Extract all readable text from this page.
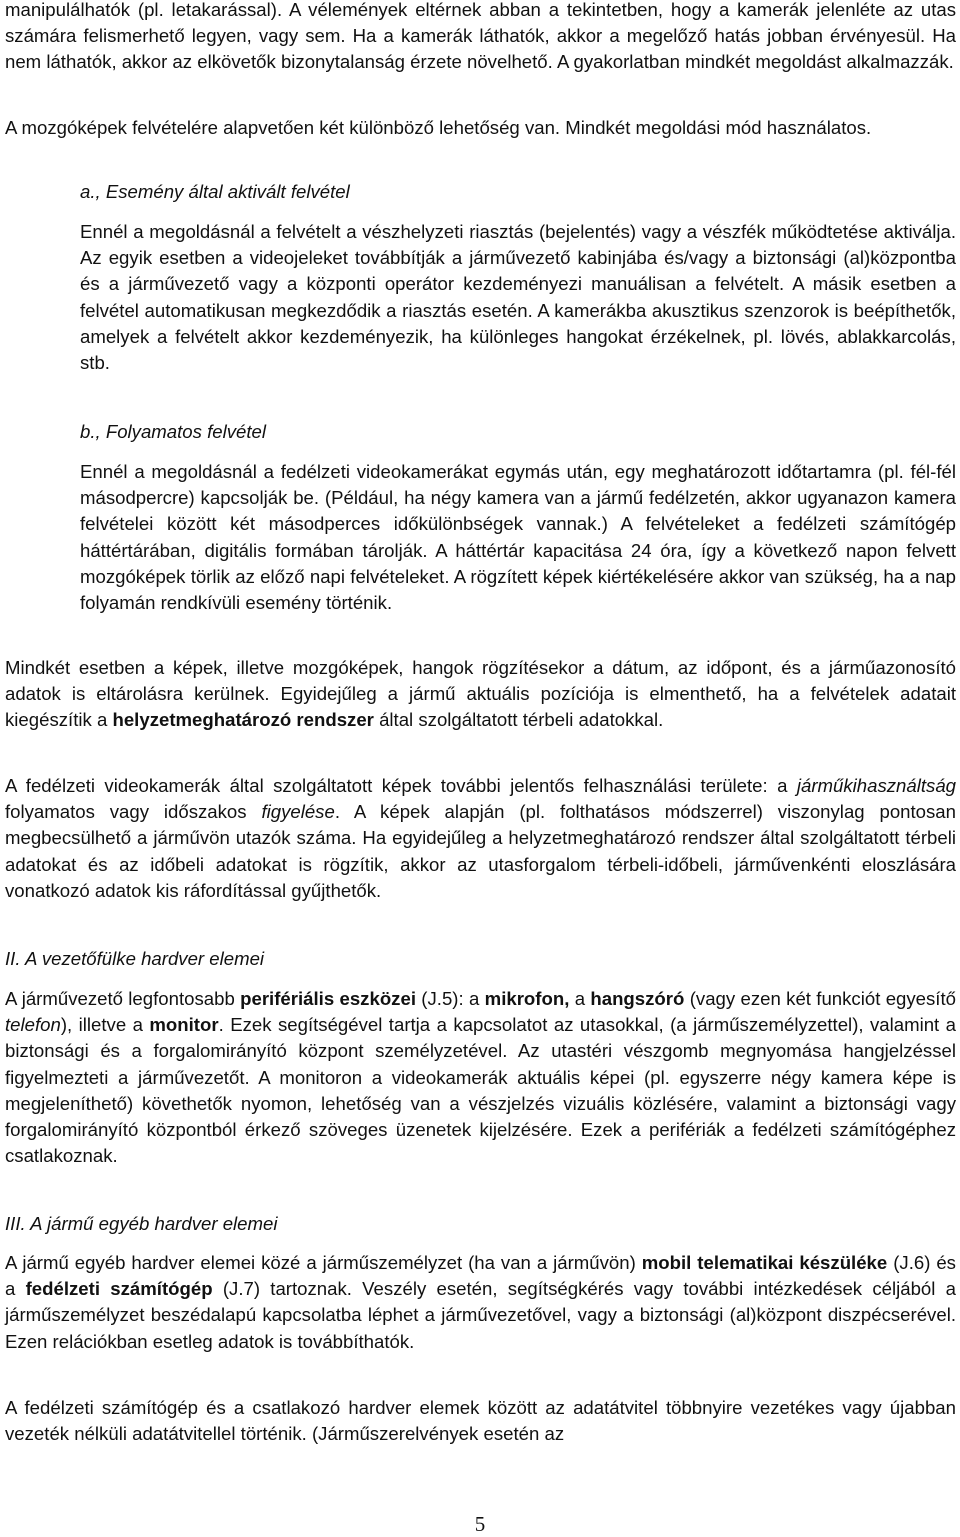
manipulálhatók (pl. letakarással). A vélemények eltérnek abban a tekintetben, hogy a kamerák jelenléte az utas számára felismerhető legyen, vagy sem. Ha a kamerák láthatók, akkor a megelőző hatás jobban érvényesül. Ha nem láthatók, akkor az elkövetők bizonytalanság érzete növelhető. A gyakorlatban mindkét megoldást alkalmazzák.

A mozgóképek felvételére alapvetően két különböző lehetőség van. Mindkét megoldási mód használatos.

a., Esemény által aktivált felvétel

Ennél a megoldásnál a felvételt a vészhelyzeti riasztás (bejelentés) vagy a vészfék működtetése aktiválja. Az egyik esetben a videojeleket továbbítják a járművezető kabinjába és/vagy a biztonsági (al)központba és a járművezető vagy a központi operátor kezdeményezi manuálisan a felvételt. A másik esetben a felvétel automatikusan megkezdődik a riasztás esetén. A kamerákba akusztikus szenzorok is beépíthetők, amelyek a felvételt akkor kezdeményezik, ha különleges hangokat érzékelnek, pl. lövés, ablakkarcolás, stb.

b., Folyamatos felvétel

Ennél a megoldásnál a fedélzeti videokamerákat egymás után, egy meghatározott időtartamra (pl. fél-fél másodpercre) kapcsolják be. (Például, ha négy kamera van a jármű fedélzetén, akkor ugyanazon kamera felvételei között két másodperces időkülönbségek vannak.) A felvételeket a fedélzeti számítógép háttértárában, digitális formában tárolják. A háttértár kapacitása 24 óra, így a következő napon felvett mozgóképek törlik az előző napi felvételeket. A rögzített képek kiértékelésére akkor van szükség, ha a nap folyamán rendkívüli esemény történik.

Mindkét esetben a képek, illetve mozgóképek, hangok rögzítésekor a dátum, az időpont, és a járműazonosító adatok is eltárolásra kerülnek. Egyidejűleg a jármű aktuális pozíciója is elmenthető, ha a felvételek adatait kiegészítik a helyzetmeghatározó rendszer által szolgáltatott térbeli adatokkal.

A fedélzeti videokamerák által szolgáltatott képek további jelentős felhasználási területe: a járműkihasználtság folyamatos vagy időszakos figyelése. A képek alapján (pl. folthatásos módszerrel) viszonylag pontosan megbecsülhető a járművön utazók száma. Ha egyidejűleg a helyzetmeghatározó rendszer által szolgáltatott térbeli adatokat és az időbeli adatokat is rögzítik, akkor az utasforgalom térbeli-időbeli, járművenkénti eloszlására vonatkozó adatok kis ráfordítással gyűjthetők.

II. A vezetőfülke hardver elemei

A járművezető legfontosabb perifériális eszközei (J.5): a mikrofon, a hangszóró (vagy ezen két funkciót egyesítő telefon), illetve a monitor. Ezek segítségével tartja a kapcsolatot az utasokkal, (a járműszemélyzettel), valamint a biztonsági és a forgalomirányító központ személyzetével. Az utastéri vészgomb megnyomása hangjelzéssel figyelmezteti a járművezetőt. A monitoron a videokamerák aktuális képei (pl. egyszerre négy kamera képe is megjeleníthető) követhetők nyomon, lehetőség van a vészjelzés vizuális közlésére, valamint a biztonsági vagy forgalomirányító központból érkező szöveges üzenetek kijelzésére. Ezek a perifériák a fedélzeti számítógéphez csatlakoznak.

III. A jármű egyéb hardver elemei

A jármű egyéb hardver elemei közé a járműszemélyzet (ha van a járművön) mobil telematikai készüléke (J.6) és a fedélzeti számítógép (J.7) tartoznak. Veszély esetén, segítségkérés vagy további intézkedések céljából a járműszemélyzet beszédalapú kapcsolatba léphet a járművezetővel, vagy a biztonsági (al)központ diszpécserével. Ezen relációkban esetleg adatok is továbbíthatók.

A fedélzeti számítógép és a csatlakozó hardver elemek között az adatátvitel többnyire vezetékes vagy újabban vezeték nélküli adatátvitellel történik. (Járműszerelvények esetén az

5
